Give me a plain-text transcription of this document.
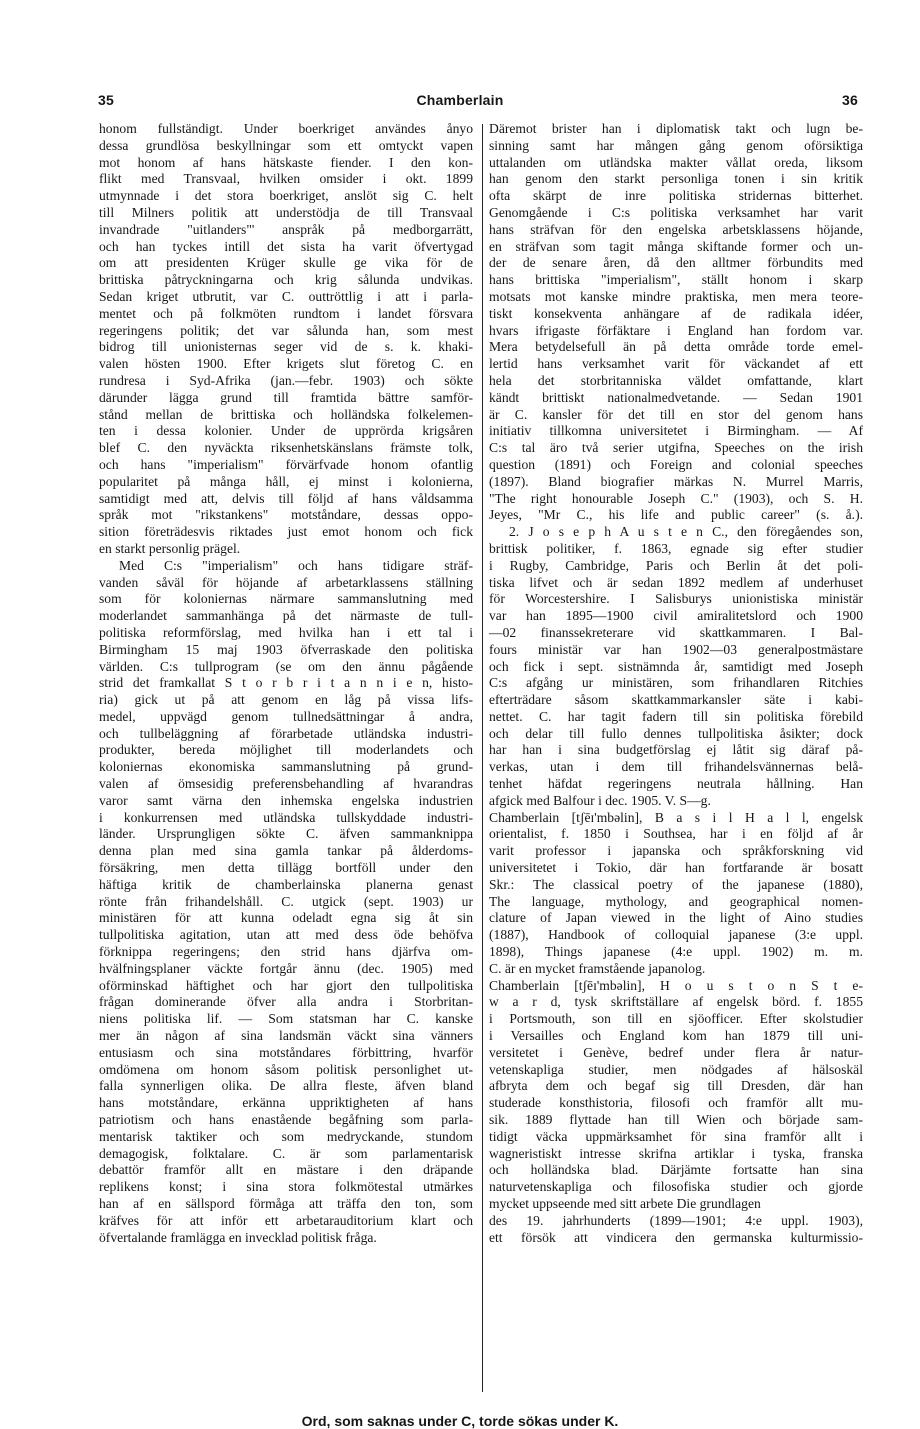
35	Chamberlain	36
honom fullständigt. Under boerkriget användes ånyo
dessa grundlösa beskyllningar som ett omtyckt vapen
mot honom af hans hätskaste fiender. I den kon-
flikt med Transvaal, hvilken omsider i okt. 1899
utmynnade i det stora boerkriget, anslöt sig C. helt
till Milners politik att understödja de till Transvaal
invandrade "uitlanders"' anspråk på medborgarrätt,
och han tyckes intill det sista ha varit öfvertygad
om att presidenten Krüger skulle ge vika för de
brittiska påtryckningarna och krig sålunda undvikas.
Sedan kriget utbrutit, var C. outtröttlig i att i parla-
mentet och på folkmöten rundtom i landet försvara
regeringens politik; det var sålunda han, som mest
bidrog till unionisternas seger vid de s. k. khaki-
valen hösten 1900. Efter krigets slut företog C. en
rundresa i Syd-Afrika (jan.—febr. 1903) och sökte
därunder lägga grund till framtida bättre samför-
stånd mellan de brittiska och holländska folkelemen-
ten i dessa kolonier. Under de upprörda krigsåren
blef C. den nyväckta riksenhetskänslans främste tolk,
och hans "imperialism" förvärfvade honom ofantlig
popularitet på många håll, ej minst i kolonierna,
samtidigt med att, delvis till följd af hans våldsamma
språk mot "rikstankens" motståndare, dessas oppo-
sition företrädesvis riktades just emot honom och fick
en starkt personlig prägel.
Med C:s "imperialism" och hans tidigare sträf-
vanden såväl för höjande af arbetarklassens ställning
som för koloniernas närmare sammanslutning med
moderlandet sammanhänga på det närmaste de tull-
politiska reformförslag, med hvilka han i ett tal i
Birmingham 15 maj 1903 öfverraskade den politiska
världen. C:s tullprogram (se om den ännu pågående
strid det framkallat S t o r b r i t a n n i e n, histo-
ria) gick ut på att genom en låg på vissa lifs-
medel, uppvägd genom tullnedsättningar å andra,
och tullbeläggning af förarbetade utländska industri-
produkter, bereda möjlighet till moderlandets och
koloniernas ekonomiska sammanslutning på grund-
valen af ömsesidig preferensbehandling af hvarandras
varor samt värna den inhemska engelska industrien
i konkurrensen med utländska tullskyddade industri-
länder. Ursprungligen sökte C. äfven sammanknippa
denna plan med sina gamla tankar på ålderdoms-
försäkring, men detta tillägg bortföll under den
häftiga kritik de chamberlainska planerna genast
rönte från frihandelshåll. C. utgick (sept. 1903) ur
ministären för att kunna odeladt egna sig åt sin
tullpolitiska agitation, utan att med dess öde behöfva
förknippa regeringens; den strid hans djärfva om-
hvälfningsplaner väckte fortgår ännu (dec. 1905) med
oförminskad häftighet och har gjort den tullpolitiska
frågan dominerande öfver alla andra i Storbritan-
niens politiska lif. — Som statsman har C. kanske
mer än någon af sina landsmän väckt sina vänners
entusiasm och sina motståndares förbittring, hvarför
omdömena om honom såsom politisk personlighet ut-
falla synnerligen olika. De allra fleste, äfven bland
hans motståndare, erkänna uppriktigheten af hans
patriotism och hans enastående begåfning som parla-
mentarisk taktiker och som medryckande, stundom
demagogisk, folktalare. C. är som parlamentarisk
debattör framför allt en mästare i den dräpande
replikens konst; i sina stora folkmötestal utmärkes
han af en sällspord förmåga att träffa den ton, som
kräfves för att inför ett arbetarauditorium klart och
öfvertalande framlägga en invecklad politisk fråga.
Däremot brister han i diplomatisk takt och lugn be-
sinning samt har mången gång genom oförsiktiga
uttalanden om utländska makter vållat oreda, liksom
han genom den starkt personliga tonen i sin kritik
ofta skärpt de inre politiska stridernas bitterhet.
Genomgående i C:s politiska verksamhet har varit
hans sträfvan för den engelska arbetsklassens höjande,
en sträfvan som tagit många skiftande former och un-
der de senare åren, då den alltmer förbundits med
hans brittiska "imperialism", ställt honom i skarp
motsats mot kanske mindre praktiska, men mera teore-
tiskt konsekventa anhängare af de radikala idéer,
hvars ifrigaste förfäktare i England han fordom var.
Mera betydelsefull än på detta område torde emel-
lertid hans verksamhet varit för väckandet af ett
hela det storbritanniska väldet omfattande, klart
kändt brittiskt nationalmedvetande. — Sedan 1901
är C. kansler för det till en stor del genom hans
initiativ tillkomna universitetet i Birmingham. — Af
C:s tal äro två serier utgifna, Speeches on the irish
question (1891) och Foreign and colonial speeches
(1897). Bland biografier märkas N. Murrel Marris,
"The right honourable Joseph C." (1903), och S. H.
Jeyes, "Mr C., his life and public career" (s. å.).
2. J o s e p h A u s t e n C., den föregåendes son,
brittisk politiker, f. 1863, egnade sig efter studier
i Rugby, Cambridge, Paris och Berlin åt det poli-
tiska lifvet och är sedan 1892 medlem af underhuset
för Worcestershire. I Salisburys unionistiska ministär
var han 1895—1900 civil amiralitetslord och 1900
—02 finanssekreterare vid skattkammaren. I Bal-
fours ministär var han 1902—03 generalpostmästare
och fick i sept. sistnämnda år, samtidigt med Joseph
C:s afgång ur ministären, som frihandlaren Ritchies
efterträdare såsom skattkammarkansler säte i kabi-
nettet. C. har tagit fadern till sin politiska förebild
och delar till fullo dennes tullpolitiska åsikter; dock
har han i sina budgetförslag ej låtit sig däraf på-
verkas, utan i dem till frihandelsvännernas belå-
tenhet häfdat regeringens neutrala hållning. Han
afgick med Balfour i dec. 1905. V. S—g.
Chamberlain [tʃēɪ'mbəlin], B a s i l H a l l, engelsk
orientalist, f. 1850 i Southsea, har i en följd af år
varit professor i japanska och språkforskning vid
universitetet i Tokio, där han fortfarande är bosatt
Skr.: The classical poetry of the japanese (1880),
The language, mythology, and geographical nomen-
clature of Japan viewed in the light of Aino studies
(1887), Handbook of colloquial japanese (3:e uppl.
1898), Things japanese (4:e uppl. 1902) m. m.
C. är en mycket framstående japanolog.
Chamberlain [tʃēɪ'mbəlin], H o u s t o n S t e-
w a r d, tysk skriftställare af engelsk börd. f. 1855
i Portsmouth, son till en sjöofficer. Efter skolstudier
i Versailles och England kom han 1879 till uni-
versitetet i Genève, bedref under flera år natur-
vetenskapliga studier, men nödgades af hälsoskäl
afbryta dem och begaf sig till Dresden, där han
studerade konsthistoria, filosofi och framför allt mu-
sik. 1889 flyttade han till Wien och började sam-
tidigt väcka uppmärksamhet för sina framför allt i
wagneristiskt intresse skrifna artiklar i tyska, franska
och holländska blad. Därjämte fortsatte han sina
naturvetenskapliga och filosofiska studier och gjorde
mycket uppseende med sitt arbete Die grundlagen
des 19. jahrhunderts (1899—1901; 4:e uppl. 1903),
ett försök att vindicera den germanska kulturmissio-
Ord, som saknas under C, torde sökas under K.
